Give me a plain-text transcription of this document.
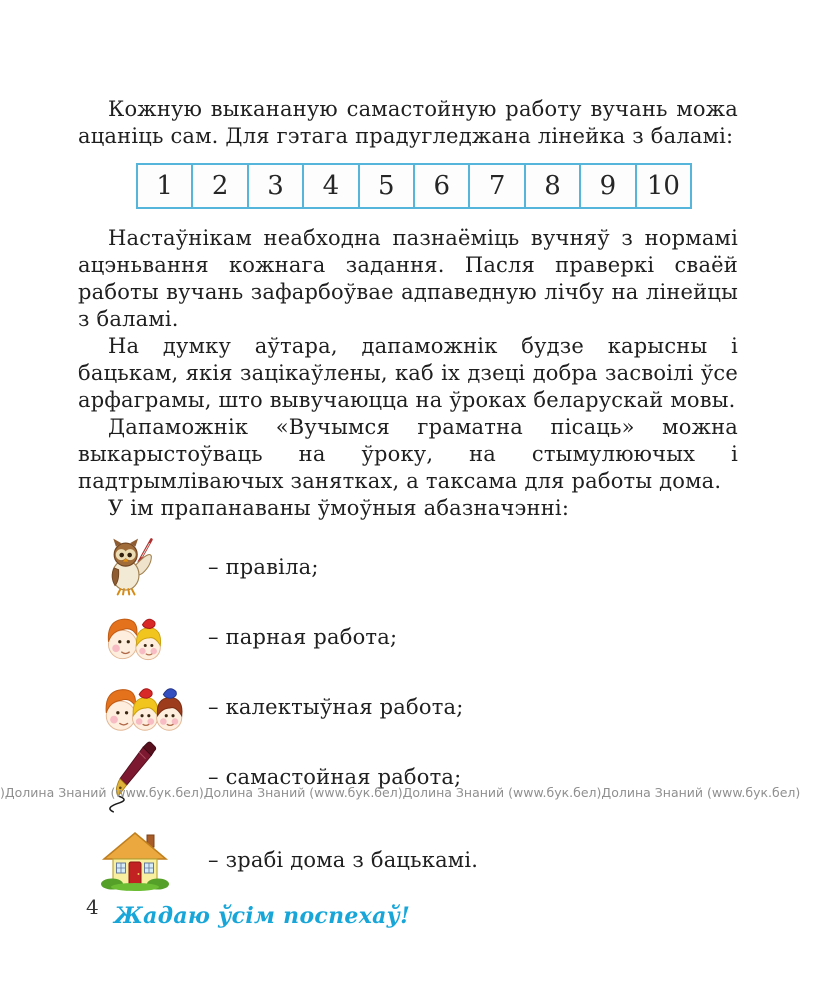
Кожную выкананую самастойную работу вучань можа ацаніць сам. Для гэтага прадугледжана лінейка з баламі:

1 2 3 4 5 6 7 8 9 10

Настаўнікам неабходна пазнаёміць вучняў з нормамі ацэньвання кожнага задання. Пасля праверкі сваёй работы вучань зафарбоўвае адпаведную лічбу на лінейцы з баламі.

На думку аўтара, дапаможнік будзе карысны і бацькам, якія зацікаўлены, каб іх дзеці добра засвоілі ўсе арфаграмы, што вывучаюцца на ўроках беларускай мовы.

Дапаможнік «Вучымся граматна пісаць» можна выкарыстоўваць на ўроку, на стымулюючых і падтрымліваючых занятках, а таксама для работы дома.

У ім прапанаваны ўмоўныя абазначэнні:

– правіла;
– парная работа;
– калектыўная работа;
– самастойная работа;
– зрабі дома з бацькамі.

Жадаю ўсім поспехаў!

) Долина Знаний (www.бук.бел) Долина Знаний (www.бук.бел) Долина Знаний (www.бук.бел) Долина Знаний (www.бук.бел)
4
